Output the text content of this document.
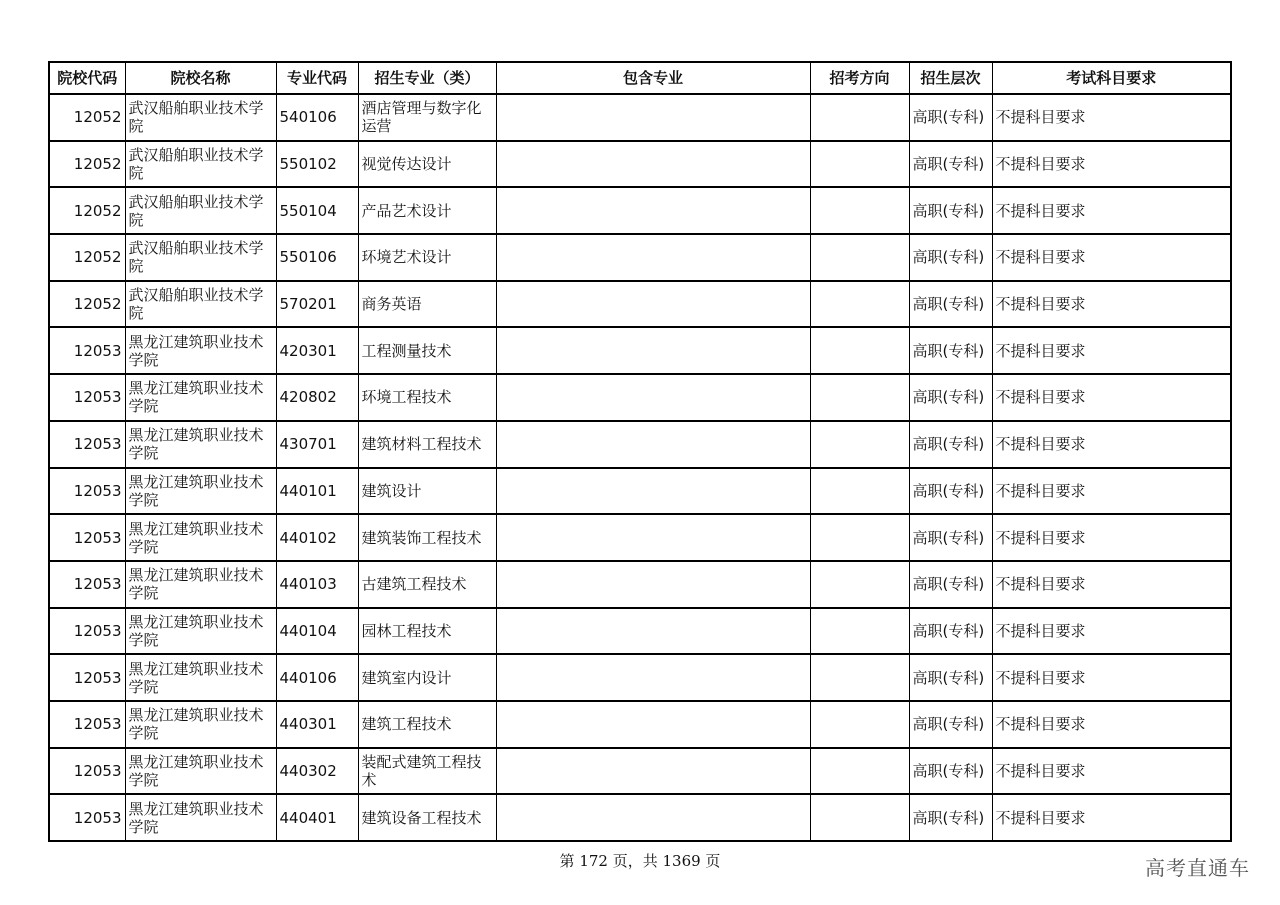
院校代码	院校名称	专业代码	招生专业（类）	包含专业	招考方向	招生层次	考试科目要求
12052	武汉船舶职业技术学院	540106	酒店管理与数字化运营			高职(专科)	不提科目要求
12052	武汉船舶职业技术学院	550102	视觉传达设计			高职(专科)	不提科目要求
12052	武汉船舶职业技术学院	550104	产品艺术设计			高职(专科)	不提科目要求
12052	武汉船舶职业技术学院	550106	环境艺术设计			高职(专科)	不提科目要求
12052	武汉船舶职业技术学院	570201	商务英语			高职(专科)	不提科目要求
12053	黑龙江建筑职业技术学院	420301	工程测量技术			高职(专科)	不提科目要求
12053	黑龙江建筑职业技术学院	420802	环境工程技术			高职(专科)	不提科目要求
12053	黑龙江建筑职业技术学院	430701	建筑材料工程技术			高职(专科)	不提科目要求
12053	黑龙江建筑职业技术学院	440101	建筑设计			高职(专科)	不提科目要求
12053	黑龙江建筑职业技术学院	440102	建筑装饰工程技术			高职(专科)	不提科目要求
12053	黑龙江建筑职业技术学院	440103	古建筑工程技术			高职(专科)	不提科目要求
12053	黑龙江建筑职业技术学院	440104	园林工程技术			高职(专科)	不提科目要求
12053	黑龙江建筑职业技术学院	440106	建筑室内设计			高职(专科)	不提科目要求
12053	黑龙江建筑职业技术学院	440301	建筑工程技术			高职(专科)	不提科目要求
12053	黑龙江建筑职业技术学院	440302	装配式建筑工程技术			高职(专科)	不提科目要求
12053	黑龙江建筑职业技术学院	440401	建筑设备工程技术			高职(专科)	不提科目要求
第 172 页，共 1369 页	高考直通车
